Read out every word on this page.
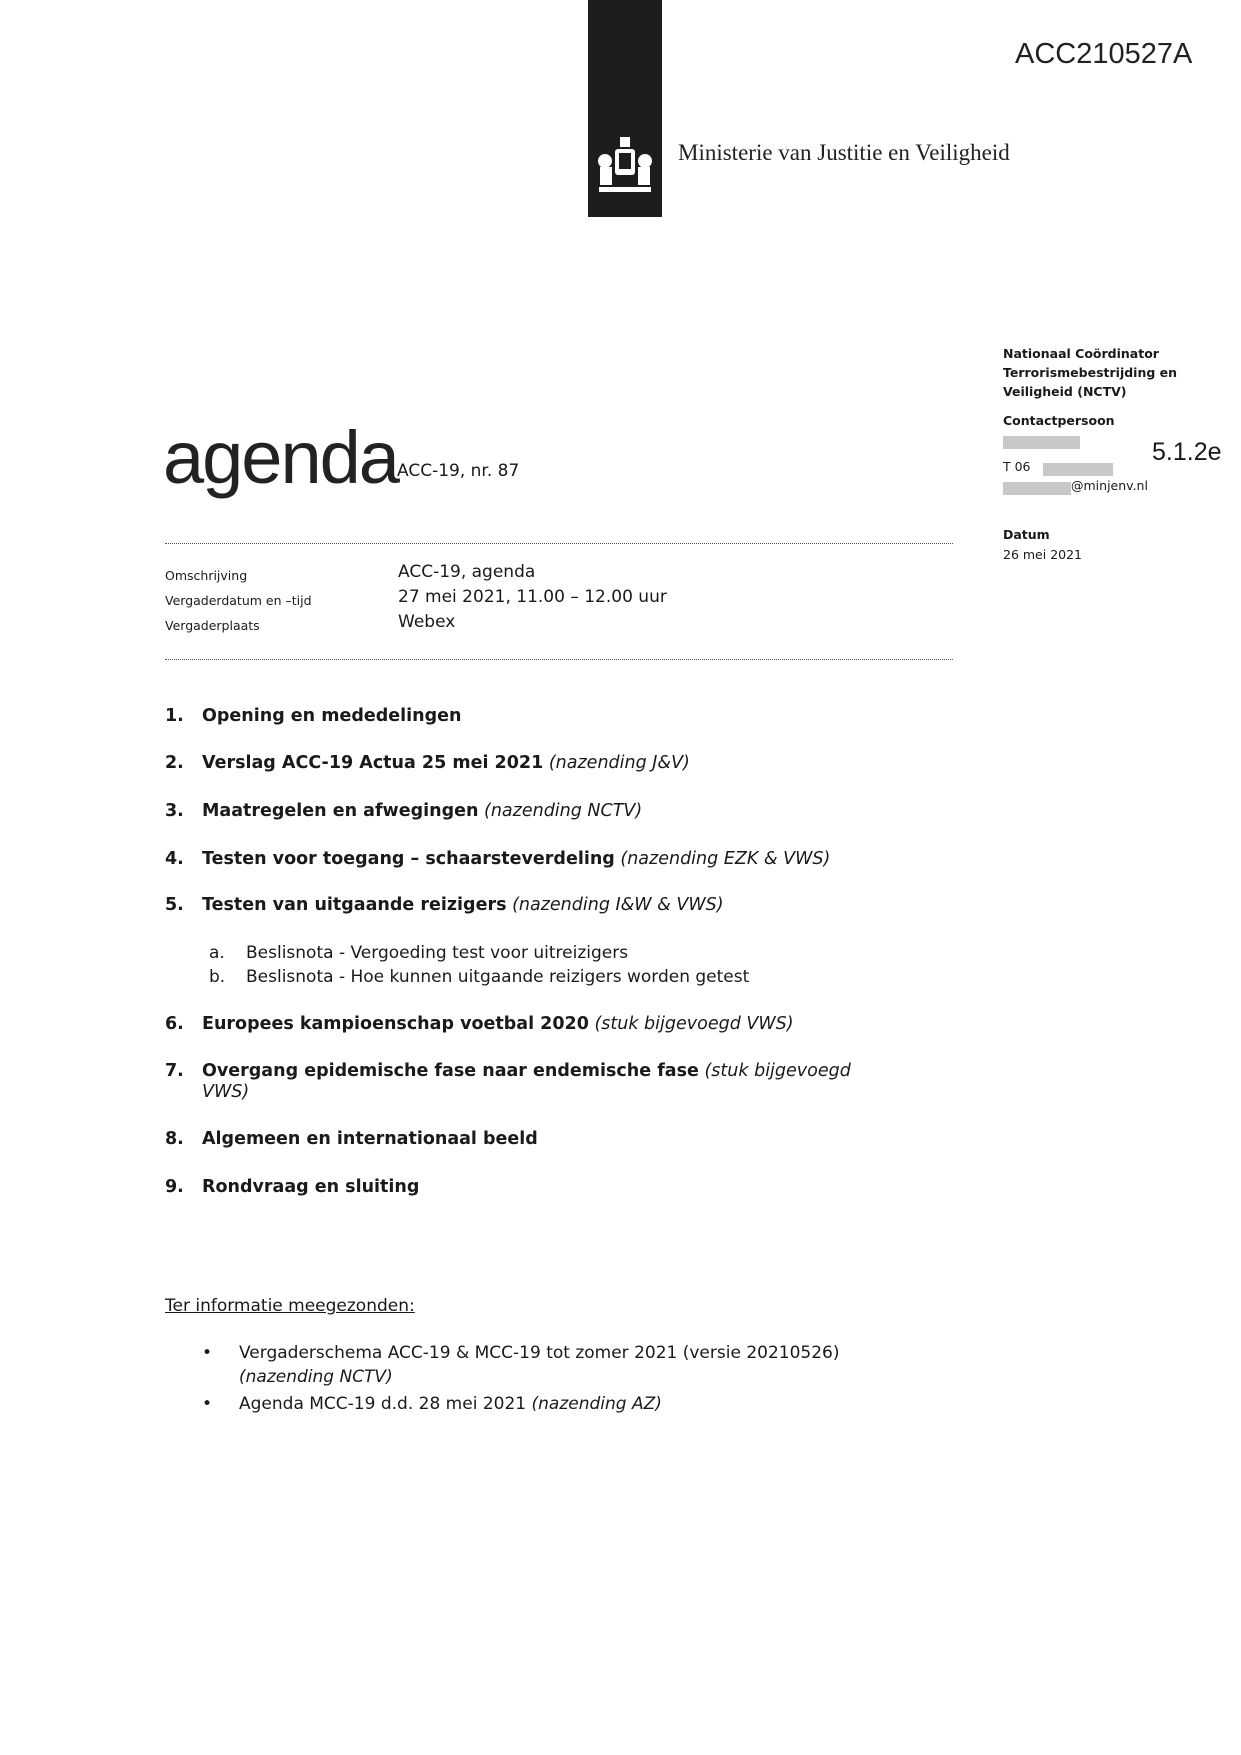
ACC210527A
Ministerie van Justitie en Veiligheid
Nationaal Coördinator
Terrorismebestrijding en
Veiligheid (NCTV)
Contactpersoon
T 06
@minjenv.nl
5.1.2e
Datum
26 mei 2021
agenda ACC-19, nr. 87
Omschrijving	ACC-19, agenda
Vergaderdatum en –tijd	27 mei 2021, 11.00 – 12.00 uur
Vergaderplaats	Webex
1. Opening en mededelingen
2. Verslag ACC-19 Actua 25 mei 2021 (nazending J&V)
3. Maatregelen en afwegingen (nazending NCTV)
4. Testen voor toegang – schaarsteverdeling (nazending EZK & VWS)
5. Testen van uitgaande reizigers (nazending I&W & VWS)
a. Beslisnota - Vergoeding test voor uitreizigers
b. Beslisnota - Hoe kunnen uitgaande reizigers worden getest
6. Europees kampioenschap voetbal 2020 (stuk bijgevoegd VWS)
7. Overgang epidemische fase naar endemische fase (stuk bijgevoegd
VWS)
8. Algemeen en internationaal beeld
9. Rondvraag en sluiting
Ter informatie meegezonden:
• Vergaderschema ACC-19 & MCC-19 tot zomer 2021 (versie 20210526)
(nazending NCTV)
• Agenda MCC-19 d.d. 28 mei 2021 (nazending AZ)
